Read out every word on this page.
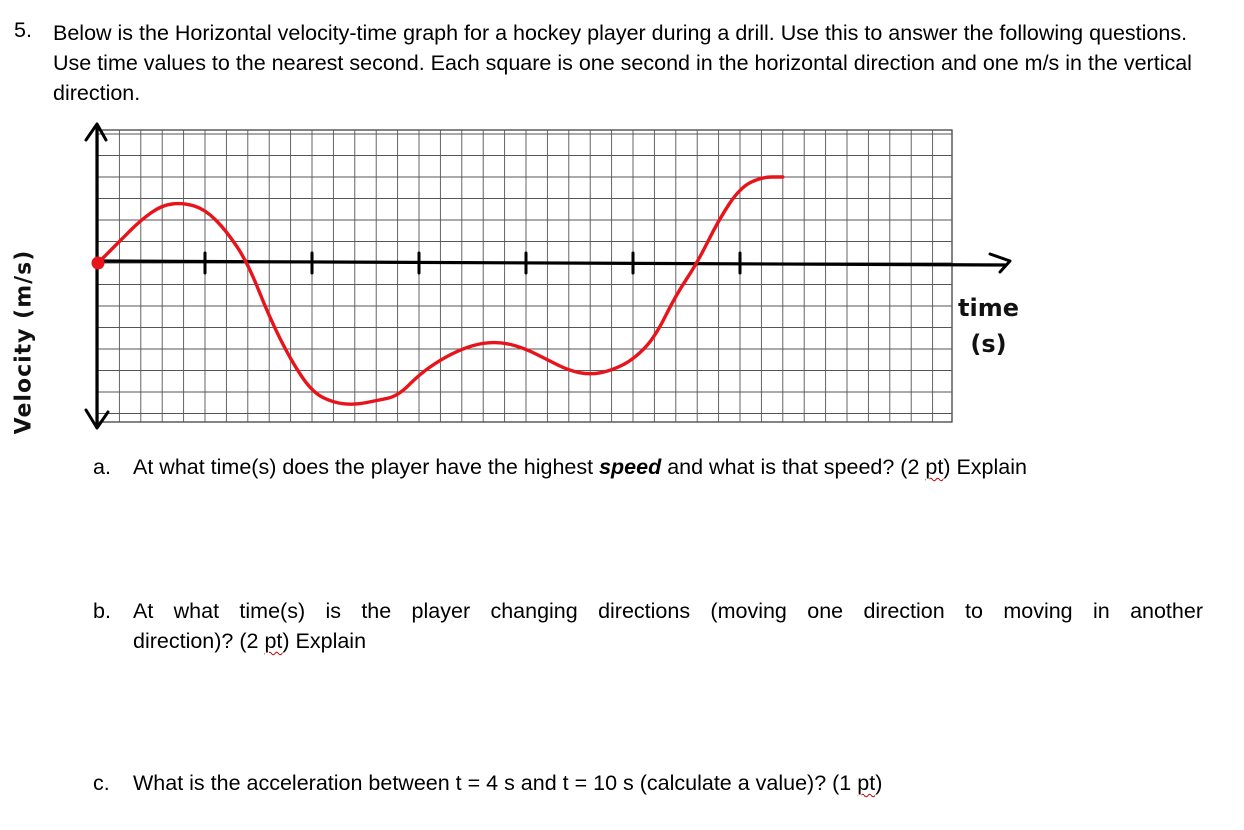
5. Below is the Horizontal velocity-time graph for a hockey player during a drill. Use this to answer the following questions. Use time values to the nearest second. Each square is one second in the horizontal direction and one m/s in the vertical direction.
Velocity (m/s)	time
(s)
a. At what time(s) does the player have the highest speed and what is that speed? (2 pt) Explain
b. At what time(s) is the player changing directions (moving one direction to moving in another
direction)? (2 pt) Explain
c. What is the acceleration between t = 4 s and t = 10 s (calculate a value)? (1 pt)
